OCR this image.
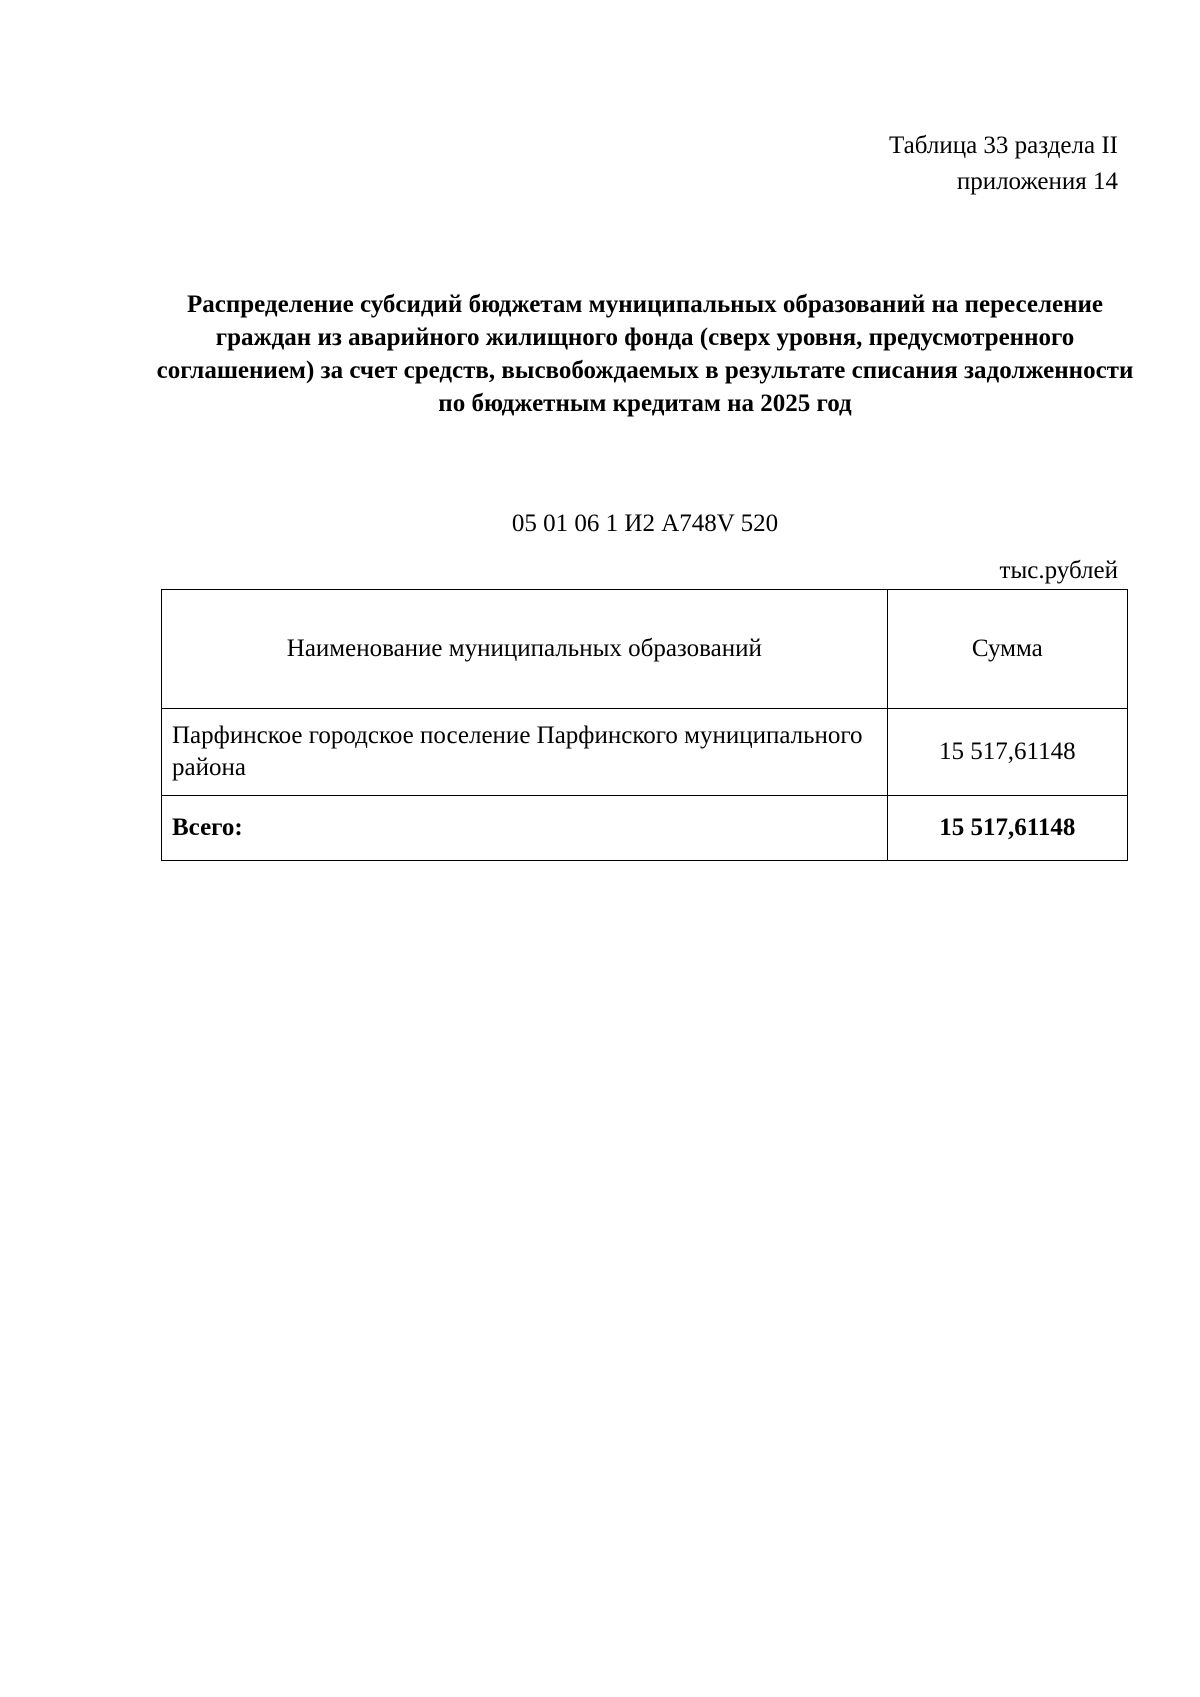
Таблица 33 раздела II
приложения 14
Распределение субсидий бюджетам муниципальных образований на переселение граждан из аварийного жилищного фонда (сверх уровня, предусмотренного соглашением) за счет средств, высвобождаемых в результате списания задолженности по бюджетным кредитам на 2025 год
05 01 06 1 И2 A748V 520
тыс.рублей
Наименование муниципальных образований	Сумма
Парфинское городское поселение Парфинского муниципального района	15 517,61148
Всего:	15 517,61148
